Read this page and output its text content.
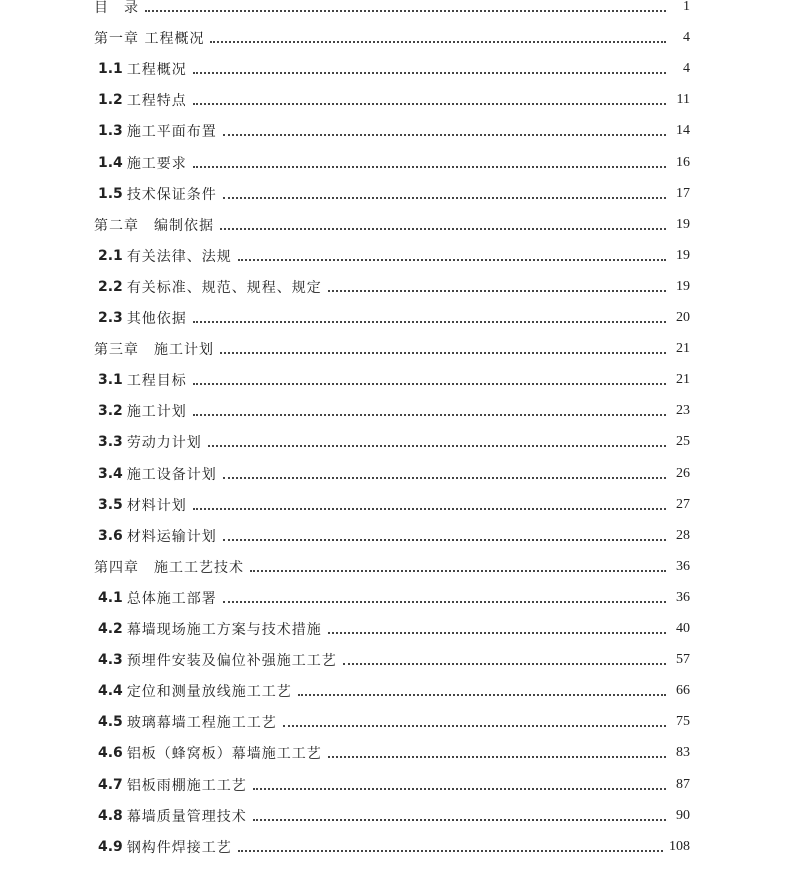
目　录	1
第一章 工程概况	4
1.1 工程概况	4
1.2 工程特点	11
1.3 施工平面布置	14
1.4 施工要求	16
1.5 技术保证条件	17
第二章　编制依据	19
2.1 有关法律、法规	19
2.2 有关标准、规范、规程、规定	19
2.3 其他依据	20
第三章　施工计划	21
3.1 工程目标	21
3.2 施工计划	23
3.3 劳动力计划	25
3.4 施工设备计划	26
3.5 材料计划	27
3.6 材料运输计划	28
第四章　施工工艺技术	36
4.1 总体施工部署	36
4.2 幕墙现场施工方案与技术措施	40
4.3 预埋件安装及偏位补强施工工艺	57
4.4 定位和测量放线施工工艺	66
4.5 玻璃幕墙工程施工工艺	75
4.6 铝板（蜂窝板）幕墙施工工艺	83
4.7 铝板雨棚施工工艺	87
4.8 幕墙质量管理技术	90
4.9 钢构件焊接工艺	108
